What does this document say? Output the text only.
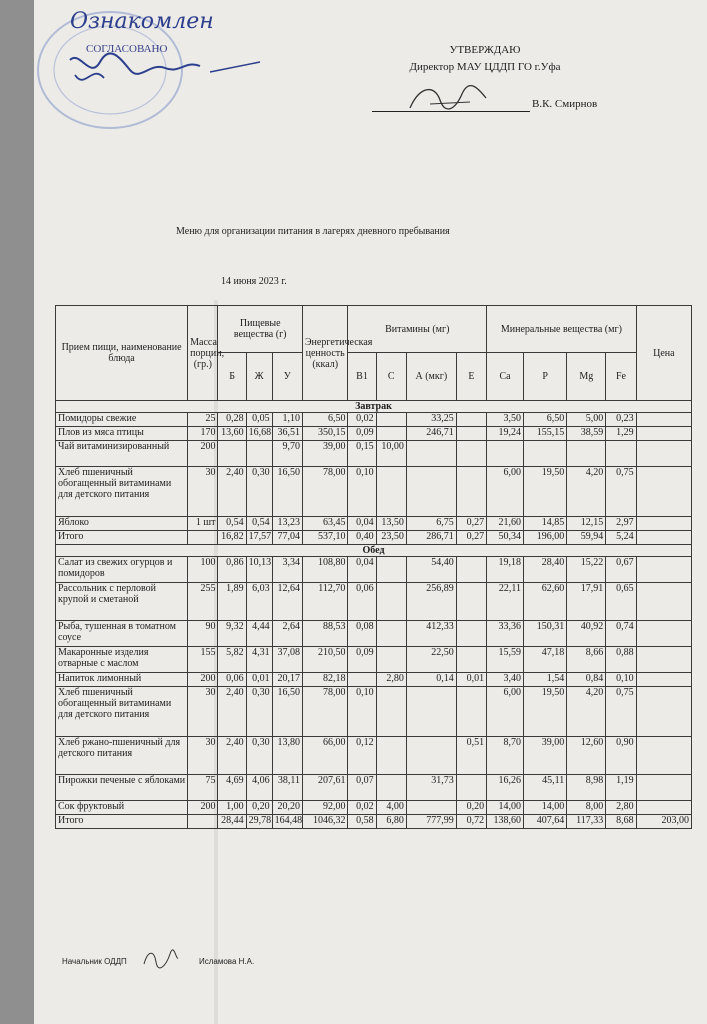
Ознакомлен
СОГЛАСОВАНО	УТВЕРЖДАЮ
Директор МАУ ЦДДП ГО г.Уфа
В.К. Смирнов
Меню для организации питания в лагерях дневного пребывания
14 июня 2023 г.
Прием пищи, наименование блюда	Масса порции, (гр.)	Пищевые вещества (г)			Энергетическая ценность (ккал)	Витамины (мг)				Минеральные вещества (мг)				Цена
		Б	Ж	У		B1	C	А (мкг)	Е	Ca	P	Mg	Fe	
Завтрак														
Помидоры свежие	25	0,28	0,05	1,10	6,50	0,02		33,25		3,50	6,50	5,00	0,23	
Плов из мяса птицы	170	13,60	16,68	36,51	350,15	0,09		246,71		19,24	155,15	38,59	1,29	
Чай витаминизированный	200			9,70	39,00	0,15	10,00							
Хлеб пшеничный обогащенный витаминами для детского питания	30	2,40	0,30	16,50	78,00	0,10				6,00	19,50	4,20	0,75	
Яблоко	1 шт	0,54	0,54	13,23	63,45	0,04	13,50	6,75	0,27	21,60	14,85	12,15	2,97	
Итого		16,82	17,57	77,04	537,10	0,40	23,50	286,71	0,27	50,34	196,00	59,94	5,24	
Обед														
Салат из свежих огурцов и помидоров	100	0,86	10,13	3,34	108,80	0,04		54,40		19,18	28,40	15,22	0,67	
Рассольник с перловой крупой и сметаной	255	1,89	6,03	12,64	112,70	0,06		256,89		22,11	62,60	17,91	0,65	
Рыба, тушенная в томатном соусе	90	9,32	4,44	2,64	88,53	0,08		412,33		33,36	150,31	40,92	0,74	
Макаронные изделия отварные с маслом	155	5,82	4,31	37,08	210,50	0,09		22,50		15,59	47,18	8,66	0,88	
Напиток лимонный	200	0,06	0,01	20,17	82,18		2,80	0,14	0,01	3,40	1,54	0,84	0,10	
Хлеб пшеничный обогащенный витаминами для детского питания	30	2,40	0,30	16,50	78,00	0,10				6,00	19,50	4,20	0,75	
Хлеб ржано-пшеничный для детского питания	30	2,40	0,30	13,80	66,00	0,12			0,51	8,70	39,00	12,60	0,90	
Пирожки печеные с яблоками	75	4,69	4,06	38,11	207,61	0,07		31,73		16,26	45,11	8,98	1,19	
Сок фруктовый	200	1,00	0,20	20,20	92,00	0,02	4,00		0,20	14,00	14,00	8,00	2,80	
Итого		28,44	29,78	164,48	1046,32	0,58	6,80	777,99	0,72	138,60	407,64	117,33	8,68	203,00
Начальник ОДДП	Исламова Н.А.
